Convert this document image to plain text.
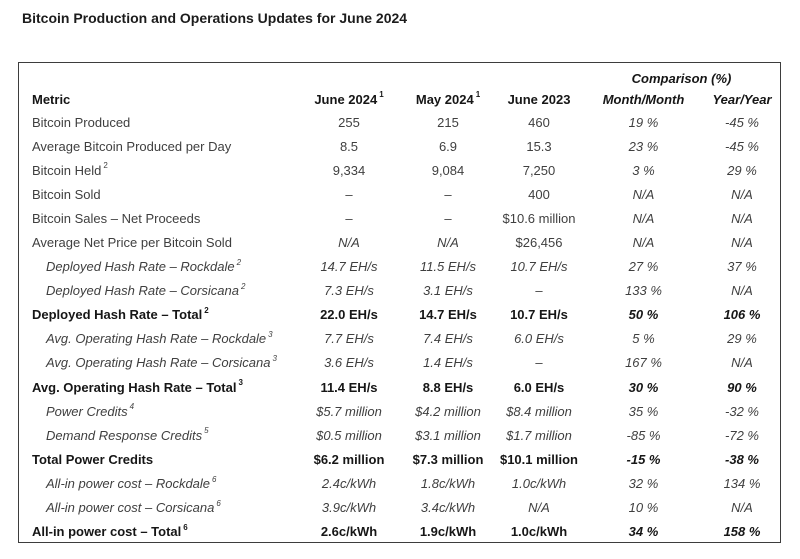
Bitcoin Production and Operations Updates for June 2024
Comparison (%)
Metric	June 2024 $^1$	May 2024 $^1$	June 2023	Month/Month	Year/Year
Bitcoin Produced	255	215	460	19 %	-45 %
Average Bitcoin Produced per Day	8.5	6.9	15.3	23 %	-45 %
Bitcoin Held $^2$	9,334	9,084	7,250	3 %	29 %
Bitcoin Sold	–	–	400	N/A	N/A
Bitcoin Sales – Net Proceeds	–	–	$10.6 million	N/A	N/A
Average Net Price per Bitcoin Sold	N/A	N/A	$26,456	N/A	N/A
Deployed Hash Rate – Rockdale $^2$	14.7 EH/s	11.5 EH/s	10.7 EH/s	27 %	37 %
Deployed Hash Rate – Corsicana $^2$	7.3 EH/s	3.1 EH/s	–	133 %	N/A
Deployed Hash Rate – Total $^2$	22.0 EH/s	14.7 EH/s	10.7 EH/s	50 %	106 %
Avg. Operating Hash Rate – Rockdale $^3$	7.7 EH/s	7.4 EH/s	6.0 EH/s	5 %	29 %
Avg. Operating Hash Rate – Corsicana $^3$	3.6 EH/s	1.4 EH/s	–	167 %	N/A
Avg. Operating Hash Rate – Total $^3$	11.4 EH/s	8.8 EH/s	6.0 EH/s	30 %	90 %
Power Credits $^4$	$5.7 million	$4.2 million	$8.4 million	35 %	-32 %
Demand Response Credits $^5$	$0.5 million	$3.1 million	$1.7 million	-85 %	-72 %
Total Power Credits	$6.2 million	$7.3 million	$10.1 million	-15 %	-38 %
All-in power cost – Rockdale $^6$	2.4c/kWh	1.8c/kWh	1.0c/kWh	32 %	134 %
All-in power cost – Corsicana $^6$	3.9c/kWh	3.4c/kWh	N/A	10 %	N/A
All-in power cost – Total $^6$	2.6c/kWh	1.9c/kWh	1.0c/kWh	34 %	158 %
